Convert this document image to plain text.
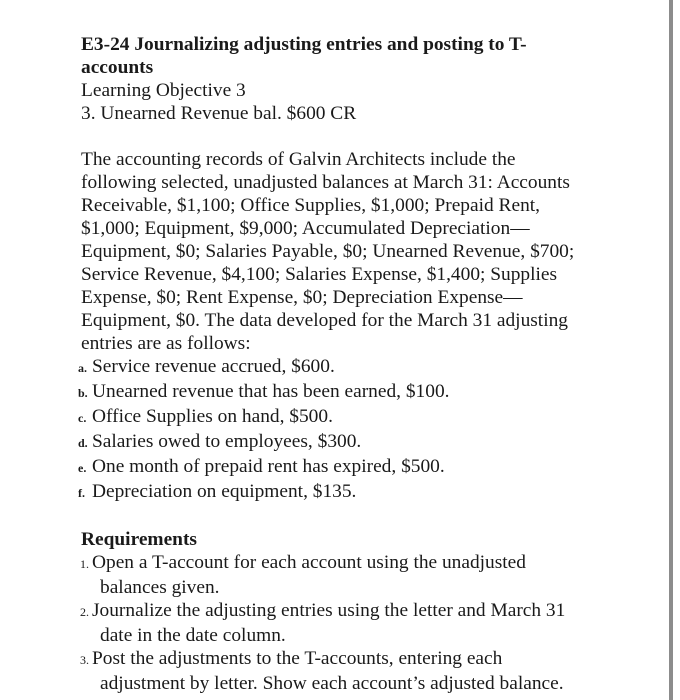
E3-24 Journalizing adjusting entries and posting to T-
accounts

Learning Objective 3

3. Unearned Revenue bal. $600 CR

The accounting records of Galvin Architects include the
following selected, unadjusted balances at March 31: Accounts
Receivable, $1,100; Office Supplies, $1,000; Prepaid Rent,
$1,000; Equipment, $9,000; Accumulated Depreciation—
Equipment, $0; Salaries Payable, $0; Unearned Revenue, $700;
Service Revenue, $4,100; Salaries Expense, $1,400; Supplies
Expense, $0; Rent Expense, $0; Depreciation Expense—
Equipment, $0. The data developed for the March 31 adjusting
entries are as follows:

a. Service revenue accrued, $600.
b. Unearned revenue that has been earned, $100.
c. Office Supplies on hand, $500.
d. Salaries owed to employees, $300.
e. One month of prepaid rent has expired, $500.
f. Depreciation on equipment, $135.
Requirements
1. Open a T-account for each account using the unadjusted
balances given.
2. Journalize the adjusting entries using the letter and March 31
date in the date column.
3. Post the adjustments to the T-accounts, entering each
adjustment by letter. Show each account’s adjusted balance.
